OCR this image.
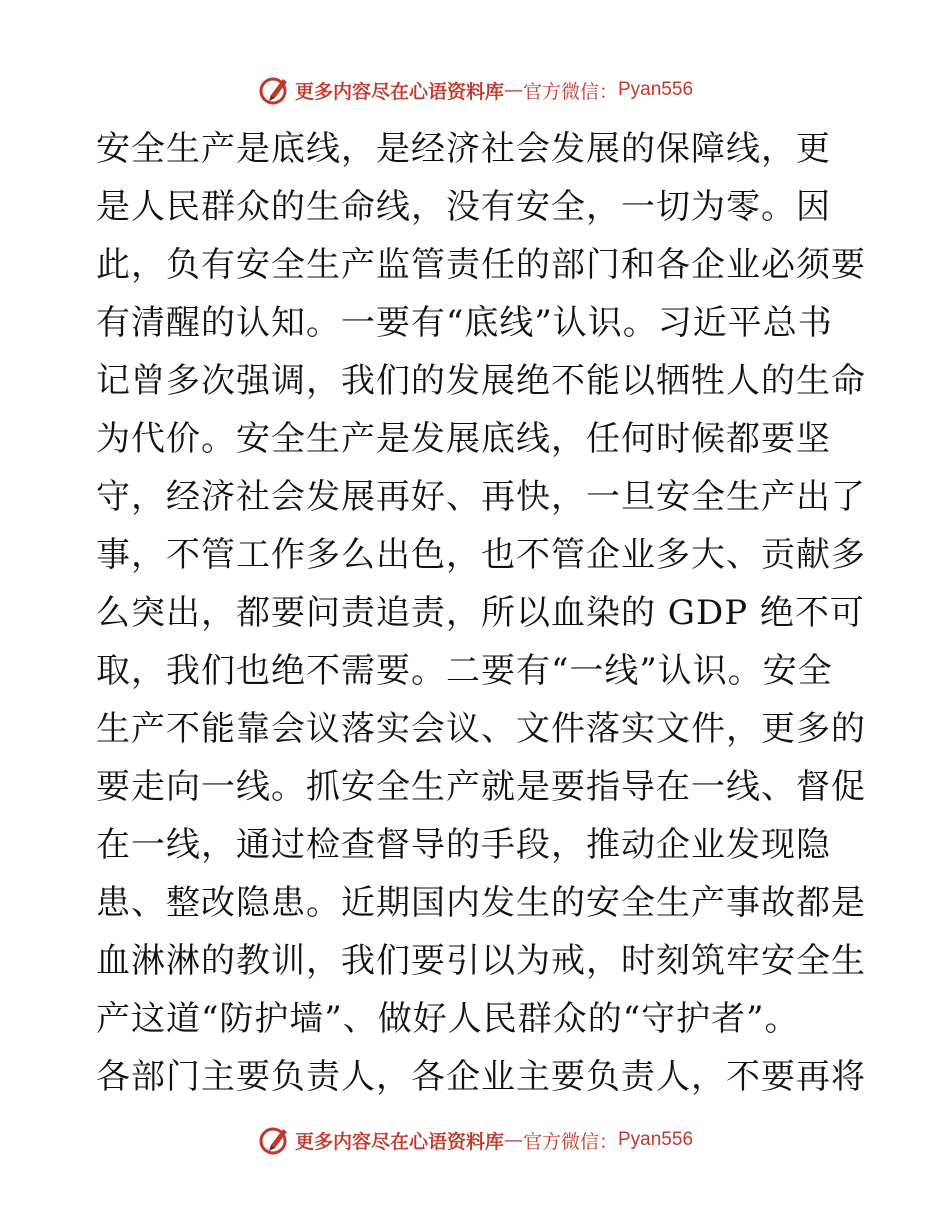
更多内容尽在心语资料库 — 官方微信： Pyan556
安全生产是底线，是经济社会发展的保障线，更
是人民群众的生命线，没有安全，一切为零。因
此，负有安全生产监管责任的部门和各企业必须要
有清醒的认知。一要有“底线”认识。习近平总书
记曾多次强调，我们的发展绝不能以牺牲人的生命
为代价。安全生产是发展底线，任何时候都要坚
守，经济社会发展再好、再快，一旦安全生产出了
事，不管工作多么出色，也不管企业多大、贡献多
么突出，都要问责追责，所以血染的 GDP 绝不可
取，我们也绝不需要。二要有“一线”认识。安全
生产不能靠会议落实会议、文件落实文件，更多的
要走向一线。抓安全生产就是要指导在一线、督促
在一线，通过检查督导的手段，推动企业发现隐
患、整改隐患。近期国内发生的安全生产事故都是
血淋淋的教训，我们要引以为戒，时刻筑牢安全生
产这道“防护墙”、做好人民群众的“守护者”。
各部门主要负责人，各企业主要负责人，不要再将
更多内容尽在心语资料库 — 官方微信： Pyan556
